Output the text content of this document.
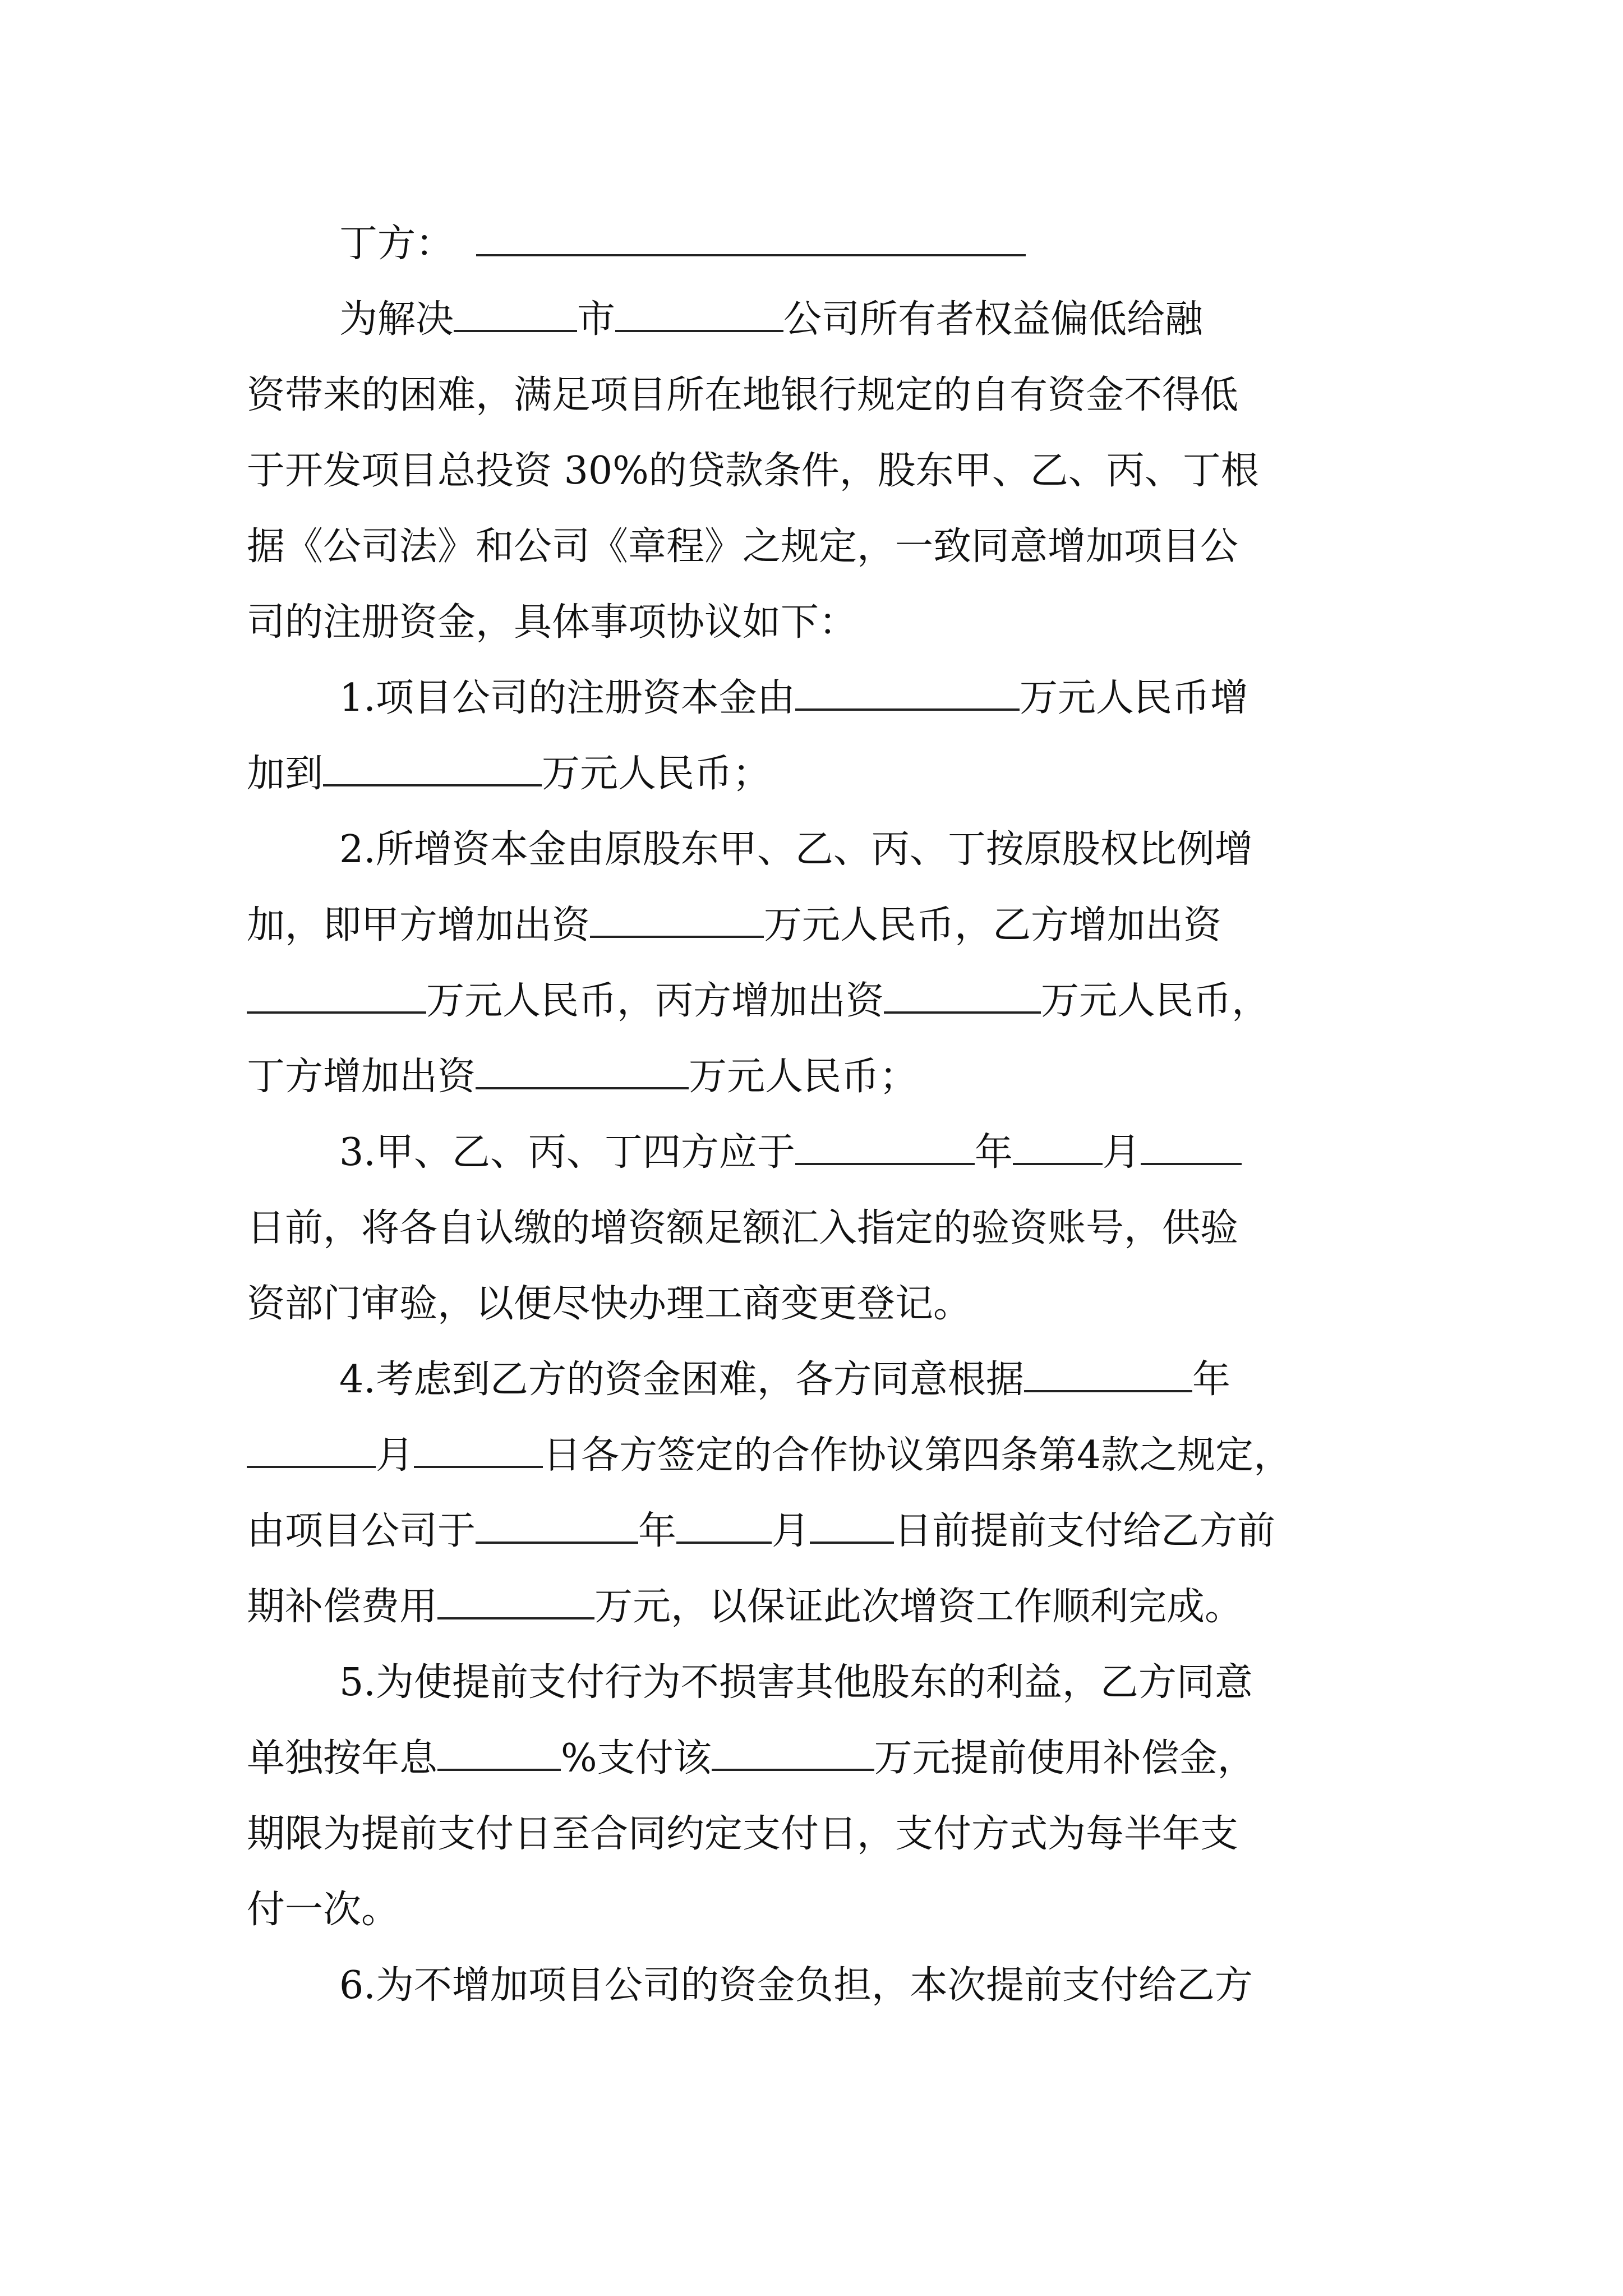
丁方：
为解决	市	公司所有者权益偏低给融
资带来的困难，满足项目所在地银行规定的自有资金不得低
于开发项目总投资 30%的贷款条件，股东甲、乙、丙、丁根
据《公司法》和公司《章程》之规定，一致同意增加项目公
司的注册资金，具体事项协议如下：
1.项目公司的注册资本金由	万元人民币增
加到	万元人民币；
2.所增资本金由原股东甲、乙、丙、丁按原股权比例增
加，即甲方增加出资	万元人民币，乙方增加出资
万元人民币，丙方增加出资	万元人民币，
丁方增加出资	万元人民币；
3.甲、乙、丙、丁四方应于	年 月
日前，将各自认缴的增资额足额汇入指定的验资账号，供验
资部门审验，以便尽快办理工商变更登记。
4.考虑到乙方的资金困难，各方同意根据	年
月	日各方签定的合作协议第四条第4款之规定，
由项目公司于	年	月 日前提前支付给乙方前
期补偿费用	万元，以保证此次增资工作顺利完成。
5.为使提前支付行为不损害其他股东的利益，乙方同意
单独按年息	%支付该	万元提前使用补偿金，
期限为提前支付日至合同约定支付日，支付方式为每半年支
付一次。
6.为不增加项目公司的资金负担，本次提前支付给乙方
